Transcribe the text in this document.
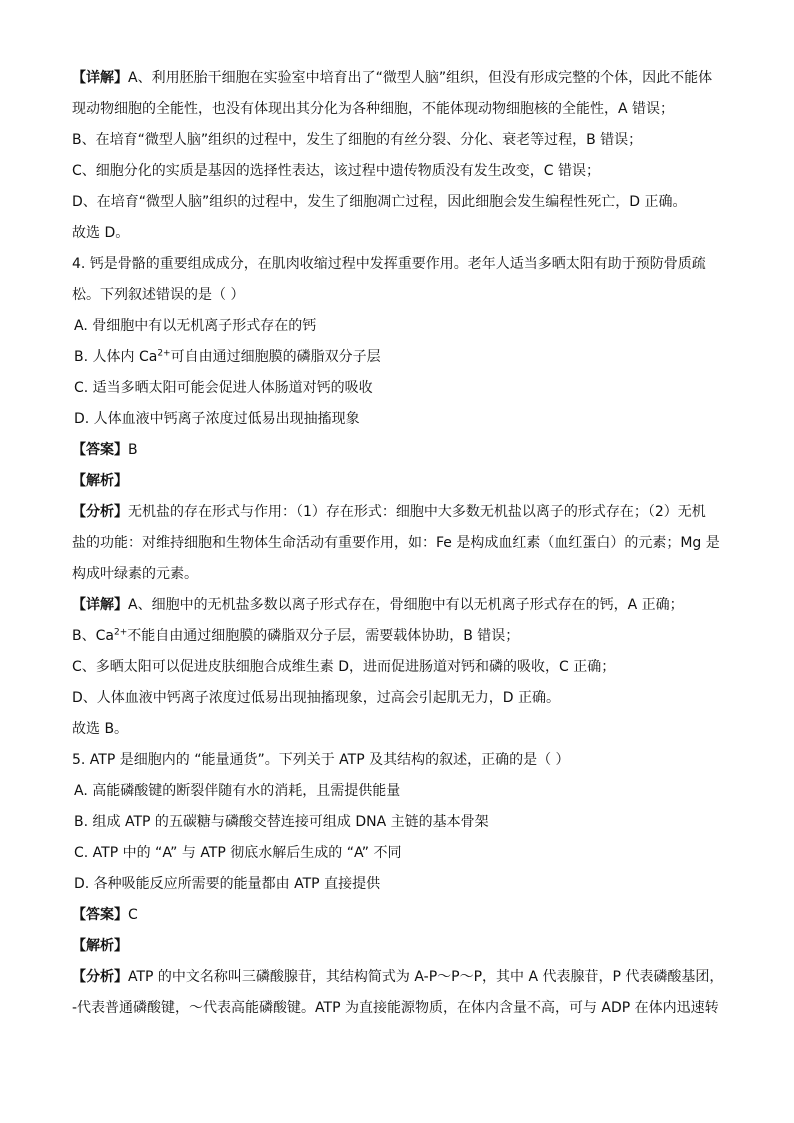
【详解】A、利用胚胎干细胞在实验室中培育出了“微型人脑”组织，但没有形成完整的个体，因此不能体
现动物细胞的全能性，也没有体现出其分化为各种细胞，不能体现动物细胞核的全能性，A 错误；
B、在培育“微型人脑”组织的过程中，发生了细胞的有丝分裂、分化、衰老等过程，B 错误；
C、细胞分化的实质是基因的选择性表达，该过程中遗传物质没有发生改变，C 错误；
D、在培育“微型人脑”组织的过程中，发生了细胞凋亡过程，因此细胞会发生编程性死亡，D 正确。
故选 D。
4. 钙是骨骼的重要组成成分，在肌肉收缩过程中发挥重要作用。老年人适当多晒太阳有助于预防骨质疏
松。下列叙述错误的是（ ）
A. 骨细胞中有以无机离子形式存在的钙
B. 人体内 $Ca^{2+}$可自由通过细胞膜的磷脂双分子层
C. 适当多晒太阳可能会促进人体肠道对钙的吸收
D. 人体血液中钙离子浓度过低易出现抽搐现象
【答案】B
【解析】
【分析】无机盐的存在形式与作用：（1）存在形式：细胞中大多数无机盐以离子的形式存在；（2）无机
盐的功能：对维持细胞和生物体生命活动有重要作用，如：Fe 是构成血红素（血红蛋白）的元素；Mg 是
构成叶绿素的元素。
【详解】A、细胞中的无机盐多数以离子形式存在，骨细胞中有以无机离子形式存在的钙，A 正确；
B、$Ca^{2+}$不能自由通过细胞膜的磷脂双分子层，需要载体协助，B 错误；
C、多晒太阳可以促进皮肤细胞合成维生素 D，进而促进肠道对钙和磷的吸收，C 正确；
D、人体血液中钙离子浓度过低易出现抽搐现象，过高会引起肌无力，D 正确。
故选 B。
5. ATP 是细胞内的 “能量通货”。下列关于 ATP 及其结构的叙述，正确的是（ ）
A. 高能磷酸键的断裂伴随有水的消耗，且需提供能量
B. 组成 ATP 的五碳糖与磷酸交替连接可组成 DNA 主链的基本骨架
C. ATP 中的 “A” 与 ATP 彻底水解后生成的 “A” 不同
D. 各种吸能反应所需要的能量都由 ATP 直接提供
【答案】C
【解析】
【分析】ATP 的中文名称叫三磷酸腺苷，其结构简式为 A-P～P～P，其中 A 代表腺苷，P 代表磷酸基团，
-代表普通磷酸键，～代表高能磷酸键。ATP 为直接能源物质，在体内含量不高，可与 ADP 在体内迅速转
